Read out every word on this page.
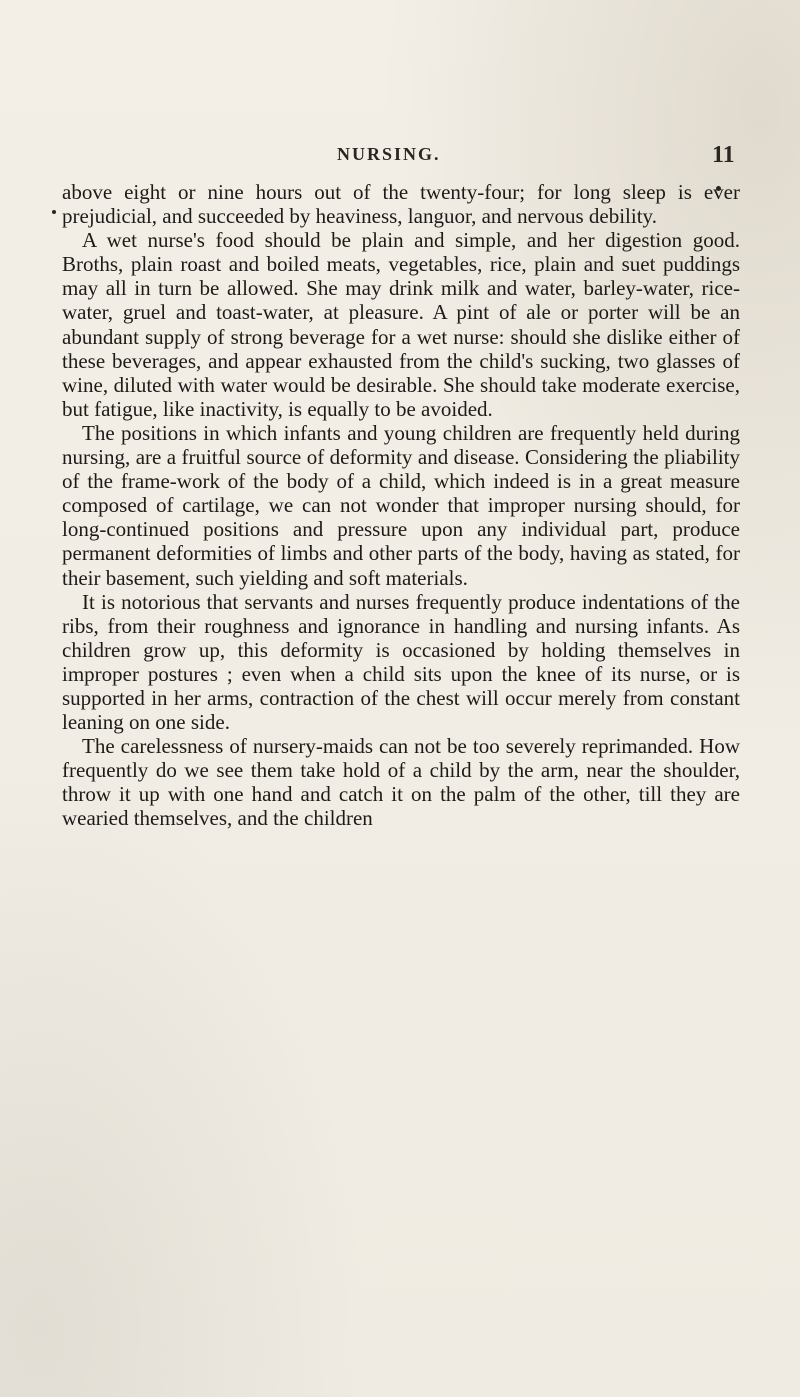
NURSING.	11

above eight or nine hours out of the twenty-four; for long sleep is ever prejudicial, and succeeded by heaviness, languor, and nervous debility.

A wet nurse's food should be plain and simple, and her digestion good. Broths, plain roast and boiled meats, vegetables, rice, plain and suet puddings may all in turn be allowed. She may drink milk and water, barley-water, rice-water, gruel and toast-water, at pleasure. A pint of ale or porter will be an abundant supply of strong beverage for a wet nurse: should she dislike either of these beverages, and appear exhausted from the child's sucking, two glasses of wine, diluted with water would be desirable. She should take moderate exercise, but fatigue, like inactivity, is equally to be avoided.

The positions in which infants and young children are frequently held during nursing, are a fruitful source of deformity and disease. Considering the pliability of the frame-work of the body of a child, which indeed is in a great measure composed of cartilage, we can not wonder that improper nursing should, for long-continued positions and pressure upon any individual part, produce permanent deformities of limbs and other parts of the body, having as stated, for their basement, such yielding and soft materials.

It is notorious that servants and nurses frequently produce indentations of the ribs, from their roughness and ignorance in handling and nursing infants. As children grow up, this deformity is occasioned by holding themselves in improper postures ; even when a child sits upon the knee of its nurse, or is supported in her arms, contraction of the chest will occur merely from constant leaning on one side.

The carelessness of nursery-maids can not be too severely reprimanded. How frequently do we see them take hold of a child by the arm, near the shoulder, throw it up with one hand and catch it on the palm of the other, till they are wearied themselves, and the children
